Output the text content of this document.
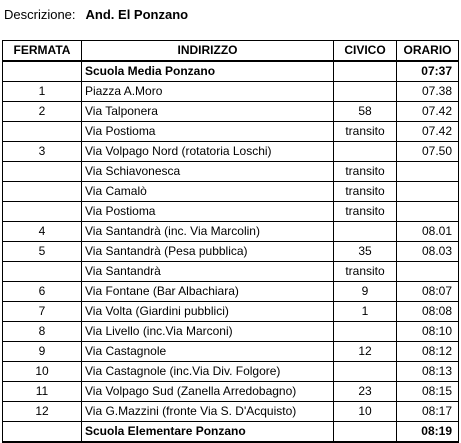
Descrizione: And. El Ponzano
FERMATA	INDIRIZZO	CIVICO	ORARIO
	Scuola Media Ponzano		07:37
1	Piazza A.Moro		07.38
2	Via Talponera	58	07.42
	Via Postioma	transito	07.42
3	Via Volpago Nord (rotatoria Loschi)		07.50
	Via Schiavonesca	transito	
	Via Camalò	transito	
	Via Postioma	transito	
4	Via Santandrà (inc. Via Marcolin)		08.01
5	Via Santandrà (Pesa pubblica)	35	08.03
	Via Santandrà	transito	
6	Via Fontane (Bar Albachiara)	9	08:07
7	Via Volta (Giardini pubblici)	1	08:08
8	Via Livello (inc.Via Marconi)		08:10
9	Via Castagnole	12	08:12
10	Via Castagnole (inc.Via Div. Folgore)		08:13
11	Via Volpago Sud (Zanella Arredobagno)	23	08:15
12	Via G.Mazzini (fronte Via S. D'Acquisto)	10	08:17
	Scuola Elementare Ponzano		08:19
